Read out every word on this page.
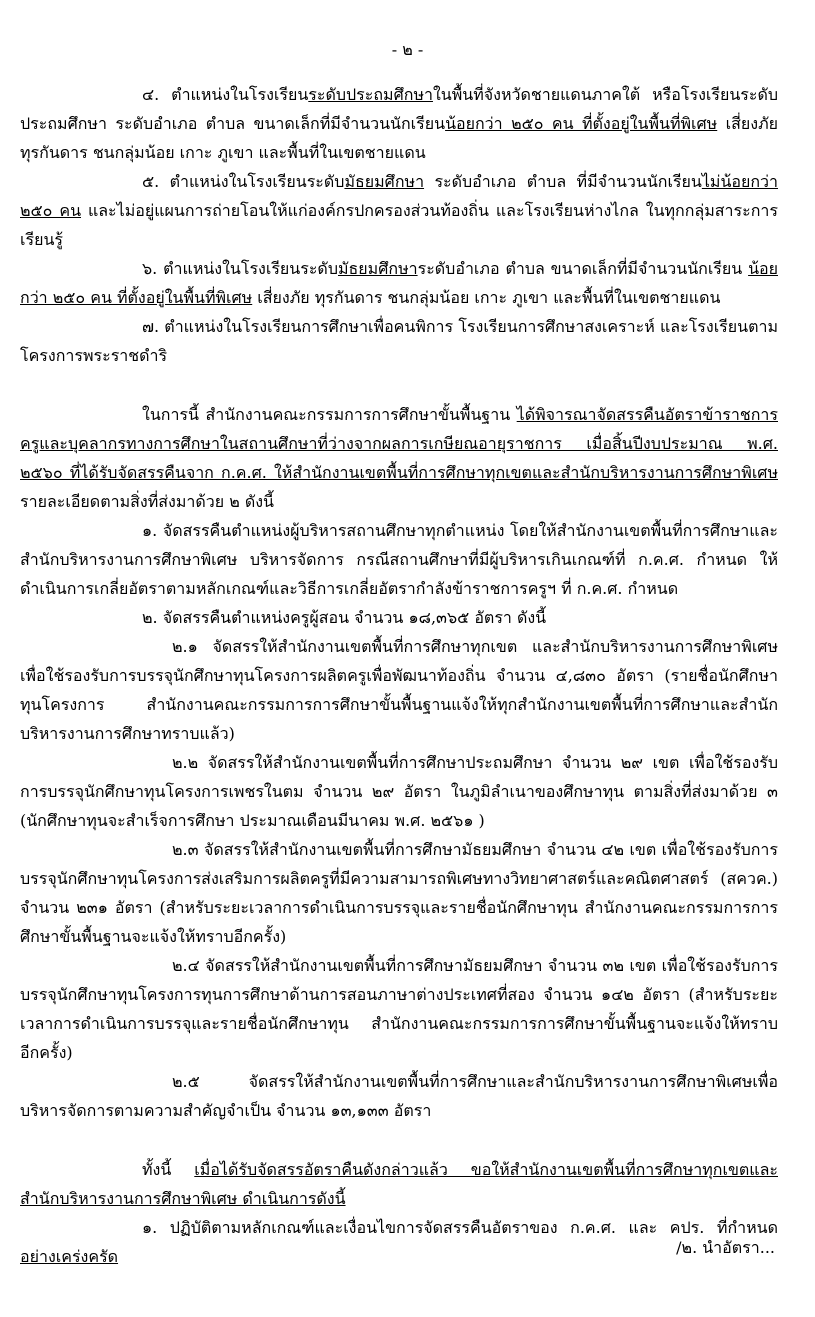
- ๒ -

๔. ตำแหน่งในโรงเรียนระดับประถมศึกษาในพื้นที่จังหวัดชายแดนภาคใต้ หรือโรงเรียนระดับประถมศึกษา ระดับอำเภอ ตำบล ขนาดเล็กที่มีจำนวนนักเรียนน้อยกว่า ๒๕๐ คน ที่ตั้งอยู่ในพื้นที่พิเศษ เสี่ยงภัย ทุรกันดาร ชนกลุ่มน้อย เกาะ ภูเขา และพื้นที่ในเขตชายแดน

๕. ตำแหน่งในโรงเรียนระดับมัธยมศึกษา ระดับอำเภอ ตำบล ที่มีจำนวนนักเรียนไม่น้อยกว่า ๒๕๐ คน และไม่อยู่แผนการถ่ายโอนให้แก่องค์กรปกครองส่วนท้องถิ่น และโรงเรียนห่างไกล ในทุกกลุ่มสาระการเรียนรู้

๖. ตำแหน่งในโรงเรียนระดับมัธยมศึกษาระดับอำเภอ ตำบล ขนาดเล็กที่มีจำนวนนักเรียน น้อยกว่า ๒๕๐ คน ที่ตั้งอยู่ในพื้นที่พิเศษ เสี่ยงภัย ทุรกันดาร ชนกลุ่มน้อย เกาะ ภูเขา และพื้นที่ในเขตชายแดน

๗. ตำแหน่งในโรงเรียนการศึกษาเพื่อคนพิการ โรงเรียนการศึกษาสงเคราะห์ และโรงเรียนตามโครงการพระราชดำริ

ในการนี้ สำนักงานคณะกรรมการการศึกษาขั้นพื้นฐาน ได้พิจารณาจัดสรรคืนอัตราข้าราชการครูและบุคลากรทางการศึกษาในสถานศึกษาที่ว่างจากผลการเกษียณอายุราชการ เมื่อสิ้นปีงบประมาณ พ.ศ. ๒๕๖๐ ที่ได้รับจัดสรรคืนจาก ก.ค.ศ. ให้สำนักงานเขตพื้นที่การศึกษาทุกเขตและสำนักบริหารงานการศึกษาพิเศษ รายละเอียดตามสิ่งที่ส่งมาด้วย ๒ ดังนี้

๑. จัดสรรคืนตำแหน่งผู้บริหารสถานศึกษาทุกตำแหน่ง โดยให้สำนักงานเขตพื้นที่การศึกษาและสำนักบริหารงานการศึกษาพิเศษ บริหารจัดการ กรณีสถานศึกษาที่มีผู้บริหารเกินเกณฑ์ที่ ก.ค.ศ. กำหนด ให้ดำเนินการเกลี่ยอัตราตามหลักเกณฑ์และวิธีการเกลี่ยอัตรากำลังข้าราชการครูฯ ที่ ก.ค.ศ. กำหนด

๒. จัดสรรคืนตำแหน่งครูผู้สอน จำนวน ๑๘,๓๖๕ อัตรา ดังนี้

๒.๑ จัดสรรให้สำนักงานเขตพื้นที่การศึกษาทุกเขต และสำนักบริหารงานการศึกษาพิเศษ เพื่อใช้รองรับการบรรจุนักศึกษาทุนโครงการผลิตครูเพื่อพัฒนาท้องถิ่น จำนวน ๔,๘๓๐ อัตรา (รายชื่อนักศึกษาทุนโครงการ สำนักงานคณะกรรมการการศึกษาขั้นพื้นฐานแจ้งให้ทุกสำนักงานเขตพื้นที่การศึกษาและสำนักบริหารงานการศึกษาทราบแล้ว)

๒.๒ จัดสรรให้สำนักงานเขตพื้นที่การศึกษาประถมศึกษา จำนวน ๒๙ เขต เพื่อใช้รองรับการบรรจุนักศึกษาทุนโครงการเพชรในตม จำนวน ๒๙ อัตรา ในภูมิลำเนาของศึกษาทุน ตามสิ่งที่ส่งมาด้วย ๓ (นักศึกษาทุนจะสำเร็จการศึกษา ประมาณเดือนมีนาคม พ.ศ. ๒๕๖๑ )

๒.๓ จัดสรรให้สำนักงานเขตพื้นที่การศึกษามัธยมศึกษา จำนวน ๔๒ เขต เพื่อใช้รองรับการบรรจุนักศึกษาทุนโครงการส่งเสริมการผลิตครูที่มีความสามารถพิเศษทางวิทยาศาสตร์และคณิตศาสตร์ (สควค.) จำนวน ๒๓๑ อัตรา (สำหรับระยะเวลาการดำเนินการบรรจุและรายชื่อนักศึกษาทุน สำนักงานคณะกรรมการการศึกษาขั้นพื้นฐานจะแจ้งให้ทราบอีกครั้ง)

๒.๔ จัดสรรให้สำนักงานเขตพื้นที่การศึกษามัธยมศึกษา จำนวน ๓๒ เขต เพื่อใช้รองรับการบรรจุนักศึกษาทุนโครงการทุนการศึกษาด้านการสอนภาษาต่างประเทศที่สอง จำนวน ๑๔๒ อัตรา (สำหรับระยะเวลาการดำเนินการบรรจุและรายชื่อนักศึกษาทุน สำนักงานคณะกรรมการการศึกษาขั้นพื้นฐานจะแจ้งให้ทราบอีกครั้ง)

๒.๕ จัดสรรให้สำนักงานเขตพื้นที่การศึกษาและสำนักบริหารงานการศึกษาพิเศษเพื่อบริหารจัดการตามความสำคัญจำเป็น จำนวน ๑๓,๑๓๓ อัตรา

ทั้งนี้ เมื่อได้รับจัดสรรอัตราคืนดังกล่าวแล้ว ขอให้สำนักงานเขตพื้นที่การศึกษาทุกเขตและสำนักบริหารงานการศึกษาพิเศษ ดำเนินการดังนี้

๑. ปฏิบัติตามหลักเกณฑ์และเงื่อนไขการจัดสรรคืนอัตราของ ก.ค.ศ. และ คปร. ที่กำหนด อย่างเคร่งครัด	/๒. นำอัตรา...
